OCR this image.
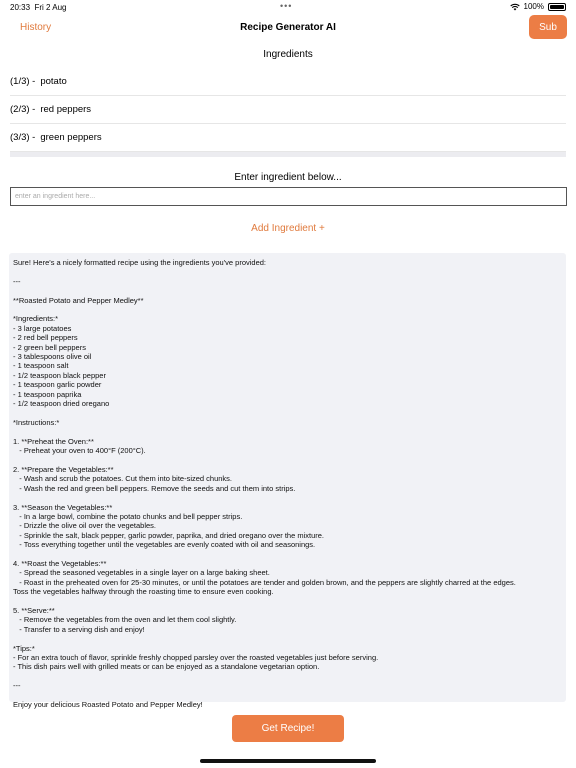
20:33 Fri 2 Aug	•••	100%
History	Recipe Generator AI	Sub
Ingredients
(1/3) - potato
(2/3) - red peppers
(3/3) - green peppers
Enter ingredient below...
enter an ingredient here...
Add Ingredient +
Sure! Here's a nicely formatted recipe using the ingredients you've provided:

---

**Roasted Potato and Pepper Medley**

*Ingredients:*
- 3 large potatoes
- 2 red bell peppers
- 2 green bell peppers
- 3 tablespoons olive oil
- 1 teaspoon salt
- 1/2 teaspoon black pepper
- 1 teaspoon garlic powder
- 1 teaspoon paprika
- 1/2 teaspoon dried oregano

*Instructions:*

1. **Preheat the Oven:**
- Preheat your oven to 400°F (200°C).

2. **Prepare the Vegetables:**
- Wash and scrub the potatoes. Cut them into bite-sized chunks.
- Wash the red and green bell peppers. Remove the seeds and cut them into strips.

3. **Season the Vegetables:**
- In a large bowl, combine the potato chunks and bell pepper strips.
- Drizzle the olive oil over the vegetables.
- Sprinkle the salt, black pepper, garlic powder, paprika, and dried oregano over the mixture.
- Toss everything together until the vegetables are evenly coated with oil and seasonings.

4. **Roast the Vegetables:**
- Spread the seasoned vegetables in a single layer on a large baking sheet.
- Roast in the preheated oven for 25-30 minutes, or until the potatoes are tender and golden brown, and the peppers are slightly charred at the edges.
Toss the vegetables halfway through the roasting time to ensure even cooking.

5. **Serve:**
- Remove the vegetables from the oven and let them cool slightly.
- Transfer to a serving dish and enjoy!

*Tips:*
- For an extra touch of flavor, sprinkle freshly chopped parsley over the roasted vegetables just before serving.
- This dish pairs well with grilled meats or can be enjoyed as a standalone vegetarian option.

---

Enjoy your delicious Roasted Potato and Pepper Medley!
Get Recipe!
